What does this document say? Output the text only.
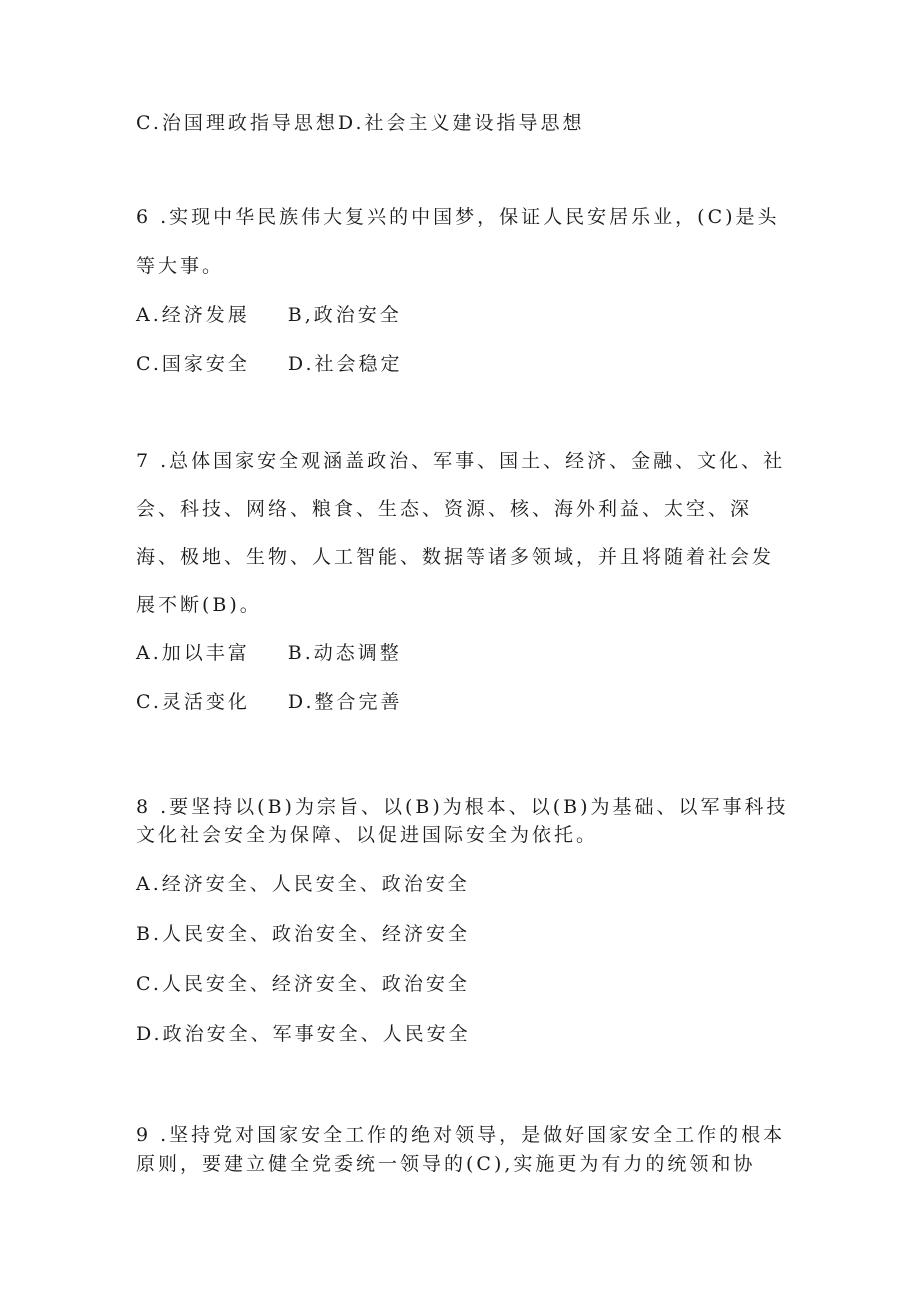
C.治国理政指导思想D.社会主义建设指导思想
6 .实现中华民族伟大复兴的中国梦，保证人民安居乐业，(C)是头
等大事。
A.经济发展 B,政治安全
C.国家安全 D.社会稳定
7 .总体国家安全观涵盖政治、军事、国土、经济、金融、文化、社
会、科技、网络、粮食、生态、资源、核、海外利益、太空、深
海、极地、生物、人工智能、数据等诸多领域，并且将随着社会发
展不断(B)。
A.加以丰富 B.动态调整
C.灵活变化 D.整合完善
8 .要坚持以(B)为宗旨、以(B)为根本、以(B)为基础、以军事科技
文化社会安全为保障、以促进国际安全为依托。
A.经济安全、人民安全、政治安全
B.人民安全、政治安全、经济安全
C.人民安全、经济安全、政治安全
D.政治安全、军事安全、人民安全
9 .坚持党对国家安全工作的绝对领导，是做好国家安全工作的根本
原则，要建立健全党委统一领导的(C),实施更为有力的统领和协
